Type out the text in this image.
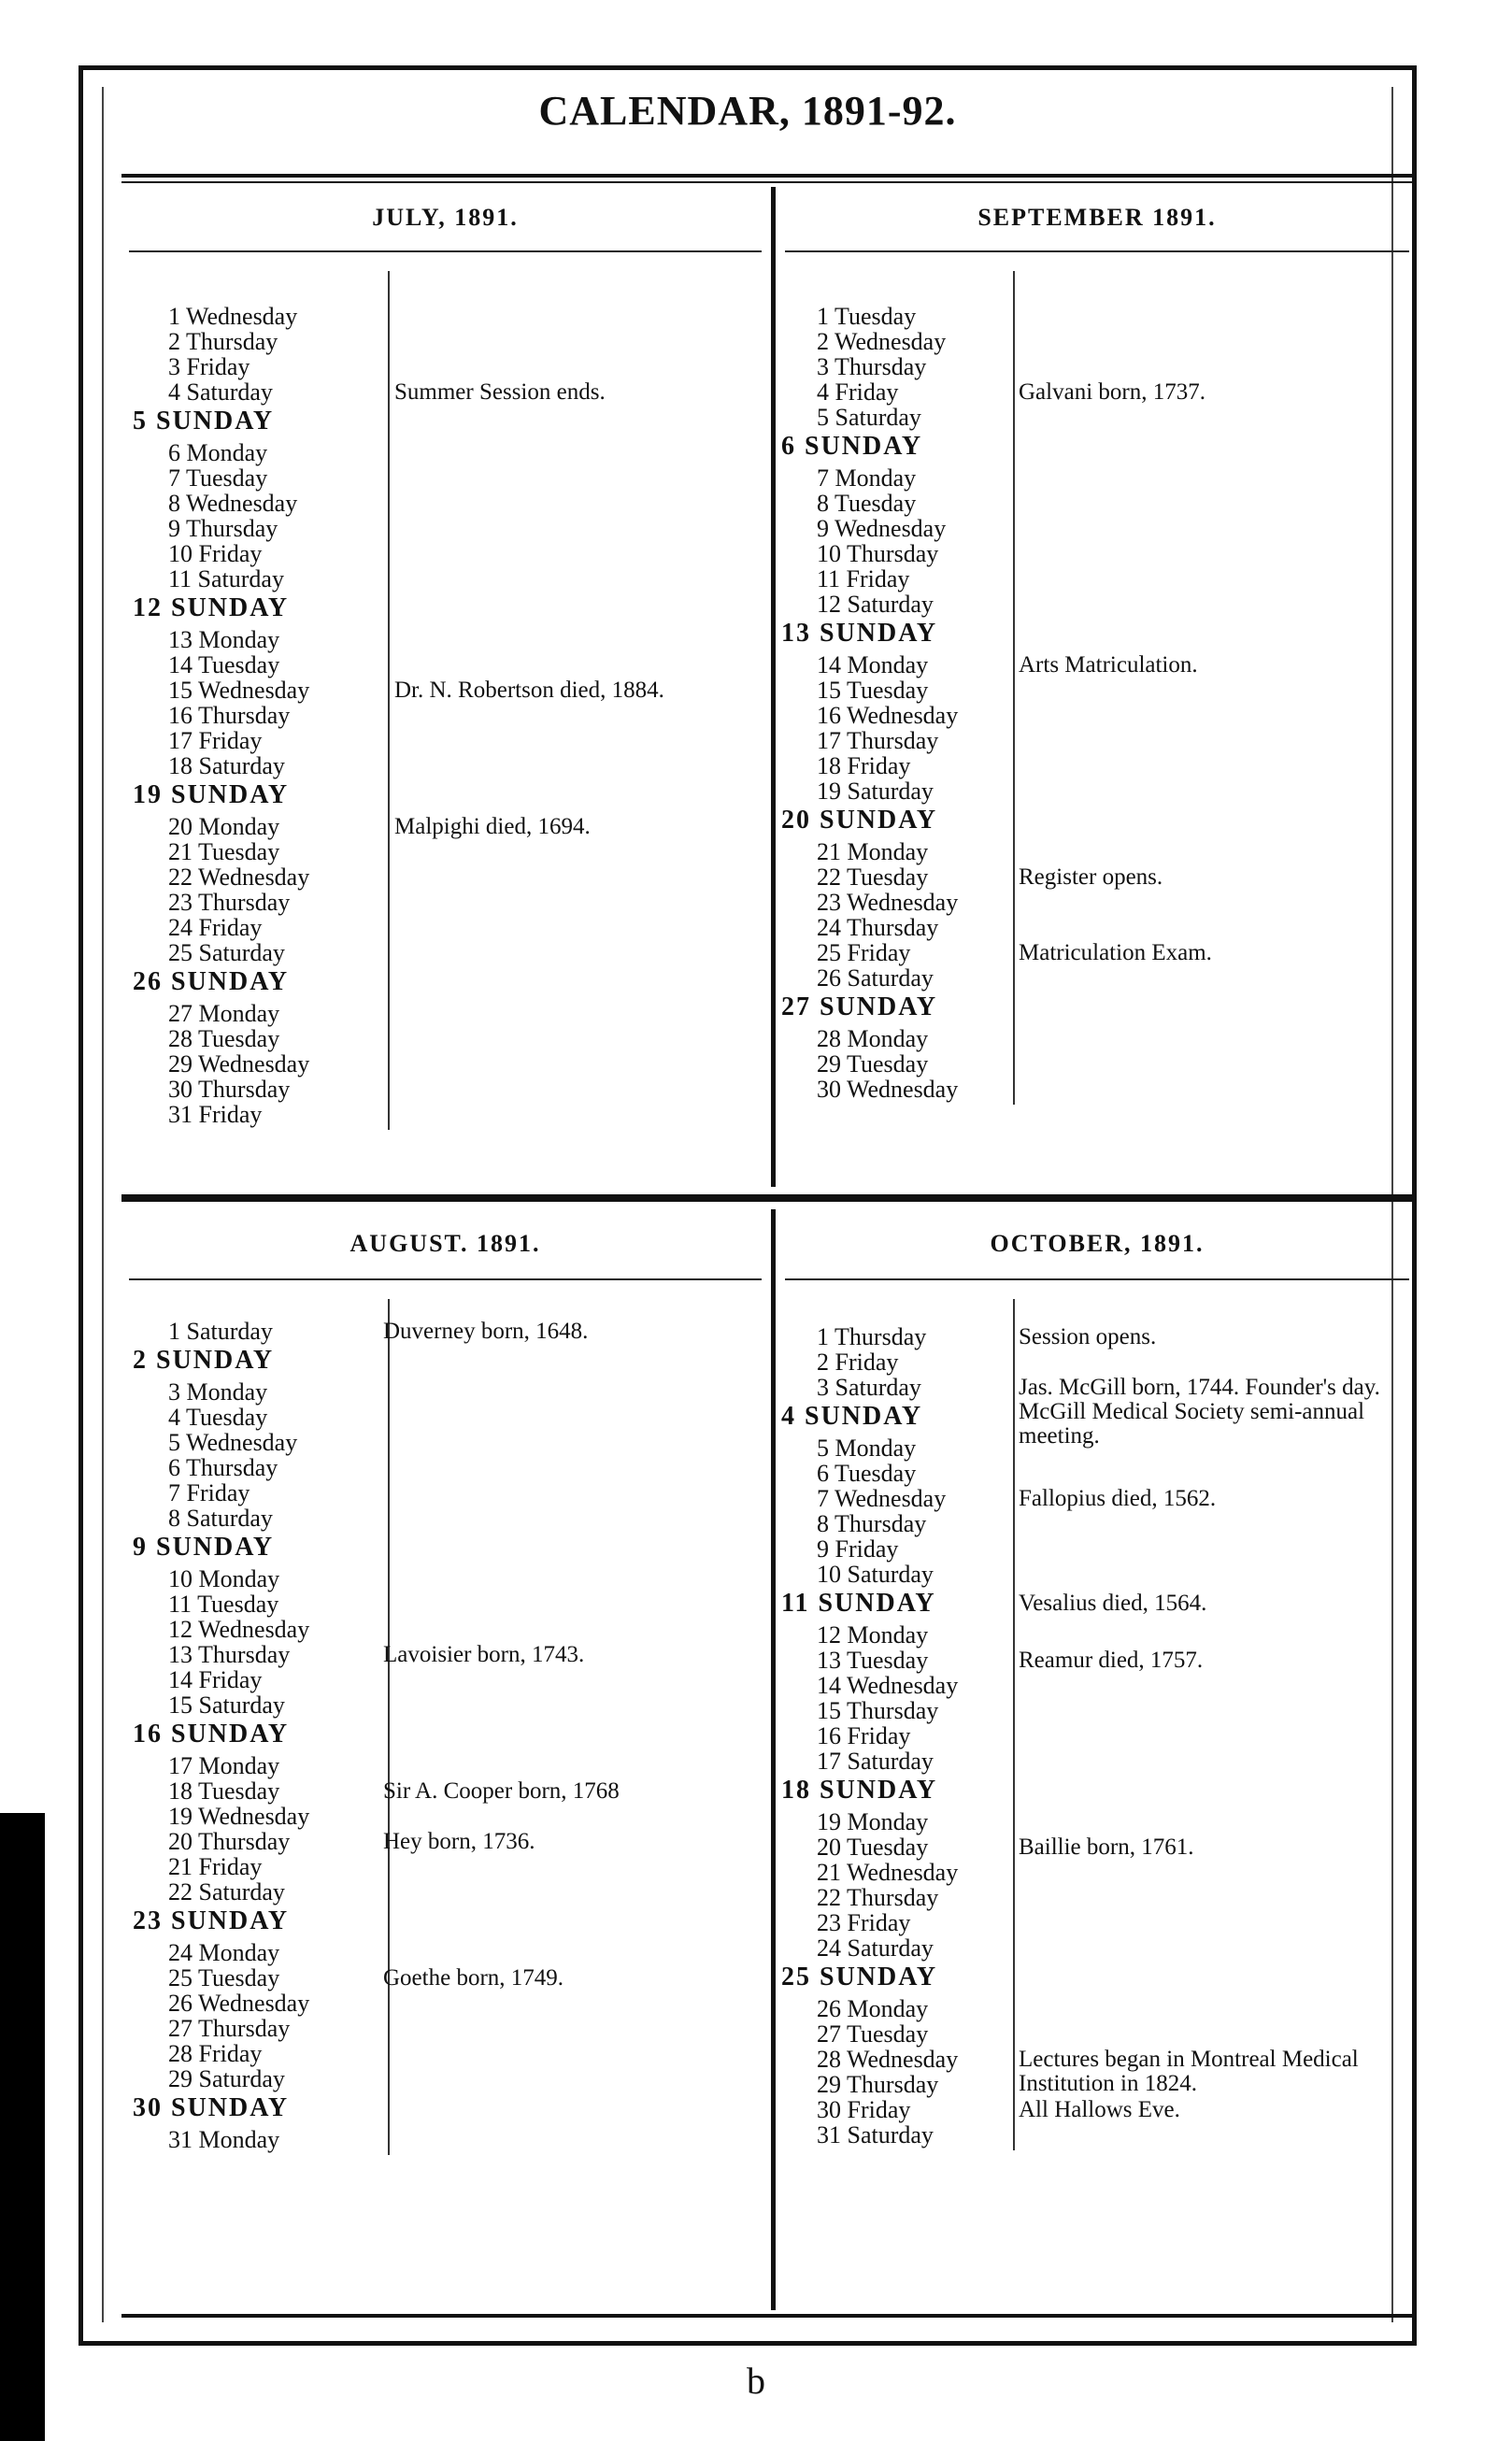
CALENDAR, 1891-92.
JULY, 1891.
1 Wednesday
2 Thursday
3 Friday
4 Saturday
5 SUNDAY
6 Monday
7 Tuesday
8 Wednesday
9 Thursday
10 Friday
11 Saturday
12 SUNDAY
13 Monday
14 Tuesday
15 Wednesday
16 Thursday
17 Friday
18 Saturday
19 SUNDAY
20 Monday
21 Tuesday
22 Wednesday
23 Thursday
24 Friday
25 Saturday
26 SUNDAY
27 Monday
28 Tuesday
29 Wednesday
30 Thursday
31 Friday
Summer Session ends.
Dr. N. Robertson died, 1884.
Malpighi died, 1694.
SEPTEMBER 1891.
1 Tuesday
2 Wednesday
3 Thursday
4 Friday
5 Saturday
6 SUNDAY
7 Monday
8 Tuesday
9 Wednesday
10 Thursday
11 Friday
12 Saturday
13 SUNDAY
14 Monday
15 Tuesday
16 Wednesday
17 Thursday
18 Friday
19 Saturday
20 SUNDAY
21 Monday
22 Tuesday
23 Wednesday
24 Thursday
25 Friday
26 Saturday
27 SUNDAY
28 Monday
29 Tuesday
30 Wednesday
Galvani born, 1737.
Arts Matriculation.
Register opens.
Matriculation Exam.
AUGUST. 1891.
1 Saturday
2 SUNDAY
3 Monday
4 Tuesday
5 Wednesday
6 Thursday
7 Friday
8 Saturday
9 SUNDAY
10 Monday
11 Tuesday
12 Wednesday
13 Thursday
14 Friday
15 Saturday
16 SUNDAY
17 Monday
18 Tuesday
19 Wednesday
20 Thursday
21 Friday
22 Saturday
23 SUNDAY
24 Monday
25 Tuesday
26 Wednesday
27 Thursday
28 Friday
29 Saturday
30 SUNDAY
31 Monday
Duverney born, 1648.
Lavoisier born, 1743.
Sir A. Cooper born, 1768
Hey born, 1736.
Goethe born, 1749.
OCTOBER, 1891.
1 Thursday
2 Friday
3 Saturday
4 SUNDAY
5 Monday
6 Tuesday
7 Wednesday
8 Thursday
9 Friday
10 Saturday
11 SUNDAY
12 Monday
13 Tuesday
14 Wednesday
15 Thursday
16 Friday
17 Saturday
18 SUNDAY
19 Monday
20 Tuesday
21 Wednesday
22 Thursday
23 Friday
24 Saturday
25 SUNDAY
26 Monday
27 Tuesday
28 Wednesday
29 Thursday
30 Friday
31 Saturday
Session opens.
Jas. McGill born, 1744. Founder's day. McGill Medical Society semi-annual meeting.
Fallopius died, 1562.
Vesalius died, 1564.
Reamur died, 1757.
Baillie born, 1761.
Lectures began in Montreal Medical Institution in 1824.
All Hallows Eve.
b
